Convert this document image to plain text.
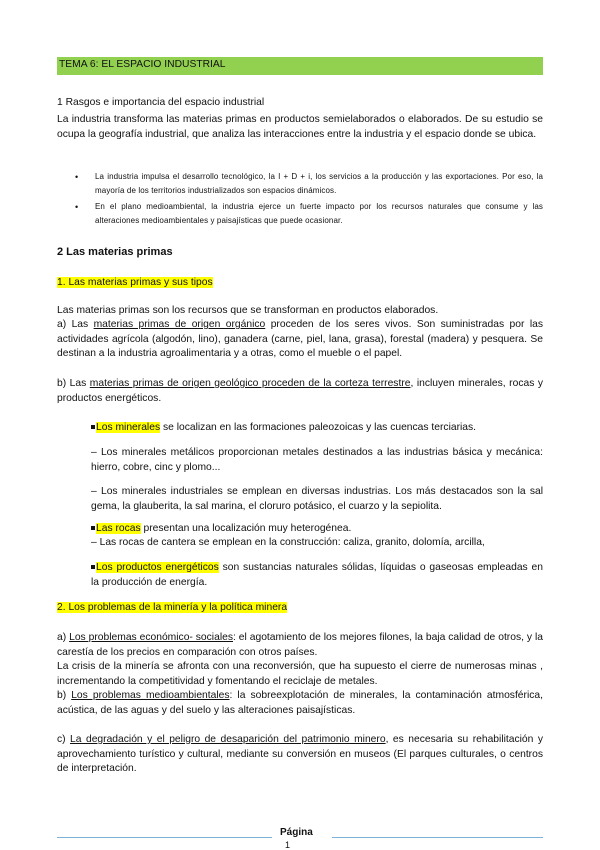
TEMA 6: EL ESPACIO INDUSTRIAL

1 Rasgos e importancia del espacio industrial

La industria transforma las materias primas en productos semielaborados o elaborados. De su estudio se ocupa la geografía industrial, que analiza las interacciones entre la industria y el espacio donde se ubica.

• La industria impulsa el desarrollo tecnológico, la I + D + i, los servicios a la producción y las exportaciones. Por eso, la mayoría de los territorios industrializados son espacios dinámicos.
• En el plano medioambiental, la industria ejerce un fuerte impacto por los recursos naturales que consume y las alteraciones medioambientales y paisajísticas que puede ocasionar.

2 Las materias primas

1. Las materias primas y sus tipos

Las materias primas son los recursos que se transforman en productos elaborados.

a) Las materias primas de origen orgánico proceden de los seres vivos. Son suministradas por las actividades agrícola (algodón, lino), ganadera (carne, piel, lana, grasa), forestal (madera) y pesquera. Se destinan a la industria agroalimentaria y a otras, como el mueble o el papel.

b) Las materias primas de origen geológico proceden de la corteza terrestre, incluyen minerales, rocas y productos energéticos.

Los minerales se localizan en las formaciones paleozoicas y las cuencas terciarias.

– Los minerales metálicos proporcionan metales destinados a las industrias básica y mecánica: hierro, cobre, cinc y plomo...

– Los minerales industriales se emplean en diversas industrias. Los más destacados son la sal gema, la glauberita, la sal marina, el cloruro potásico, el cuarzo y la sepiolita.

Las rocas presentan una localización muy heterogénea.

– Las rocas de cantera se emplean en la construcción: caliza, granito, dolomía, arcilla,

Los productos energéticos son sustancias naturales sólidas, líquidas o gaseosas empleadas en la producción de energía.

2. Los problemas de la minería y la política minera

a) Los problemas económico- sociales: el agotamiento de los mejores filones, la baja calidad de otros, y la carestía de los precios en comparación con otros países.

La crisis de la minería se afronta con una reconversión, que ha supuesto el cierre de numerosas minas , incrementando la competitividad y fomentando el reciclaje de metales.

b) Los problemas medioambientales: la sobreexplotación de minerales, la contaminación atmosférica, acústica, de las aguas y del suelo y las alteraciones paisajísticas.

c) La degradación y el peligro de desaparición del patrimonio minero, es necesaria su rehabilitación y aprovechamiento turístico y cultural, mediante su conversión en museos (El parques culturales, o centros de interpretación.

Página
1
